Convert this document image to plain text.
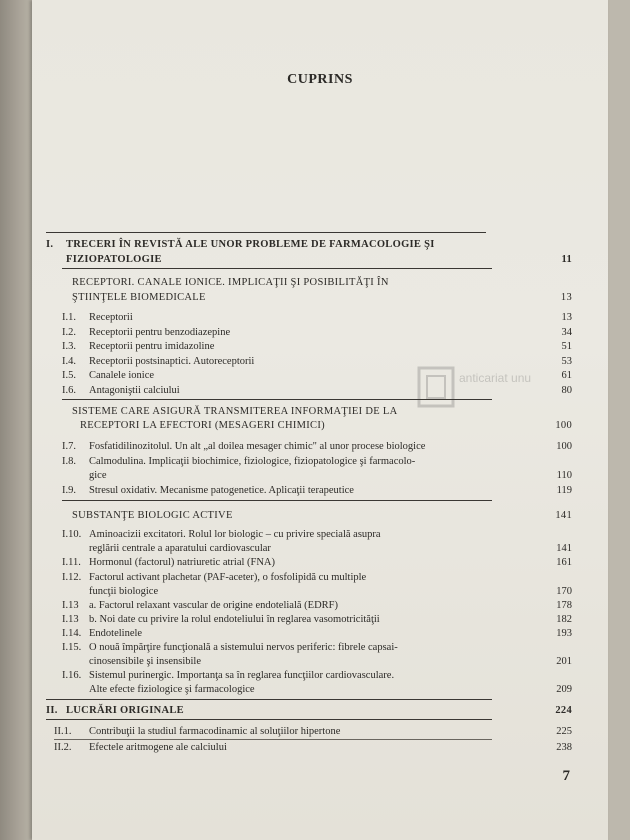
CUPRINS
anticariat unu
I. TRECERI ÎN REVISTĂ ALE UNOR PROBLEME DE FARMACOLOGIE ŞI
FIZIOPATOLOGIE	11
RECEPTORI. CANALE IONICE. IMPLICAŢII ŞI POSIBILITĂŢI ÎN
ŞTIINŢELE BIOMEDICALE	13
I.1. Receptorii	13
I.2. Receptorii pentru benzodiazepine	34
I.3. Receptorii pentru imidazoline	51
I.4. Receptorii postsinaptici. Autoreceptorii	53
I.5. Canalele ionice	61
I.6. Antagoniştii calciului	80
SISTEME CARE ASIGURĂ TRANSMITEREA INFORMAŢIEI DE LA
RECEPTORI LA EFECTORI (MESAGERI CHIMICI)	100
I.7. Fosfatidilinozitolul. Un alt „al doilea mesager chimic" al unor procese biologice	100
I.8. Calmodulina. Implicaţii biochimice, fiziologice, fiziopatologice şi farmacolo-
gice	110
I.9. Stresul oxidativ. Mecanisme patogenetice. Aplicaţii terapeutice	119
SUBSTANŢE BIOLOGIC ACTIVE	141
I.10. Aminoacizii excitatori. Rolul lor biologic – cu privire specială asupra
reglării centrale a aparatului cardiovascular	141
I.11. Hormonul (factorul) natriuretic atrial (FNA)	161
I.12. Factorul activant plachetar (PAF-aceter), o fosfolipidă cu multiple
funcţii biologice	170
I.13 a. Factorul relaxant vascular de origine endotelială (EDRF)	178
I.13 b. Noi date cu privire la rolul endoteliului în reglarea vasomotricităţii	182
I.14. Endotelinele	193
I.15. O nouă împărţire funcţională a sistemului nervos periferic: fibrele capsai-
cinosensibile şi insensibile	201
I.16. Sistemul purinergic. Importanţa sa în reglarea funcţiilor cardiovasculare.
Alte efecte fiziologice şi farmacologice	209
II. LUCRĂRI ORIGINALE	224
II.1. Contribuţii la studiul farmacodinamic al soluţiilor hipertone	225
II.2. Efectele aritmogene ale calciului	238
7
